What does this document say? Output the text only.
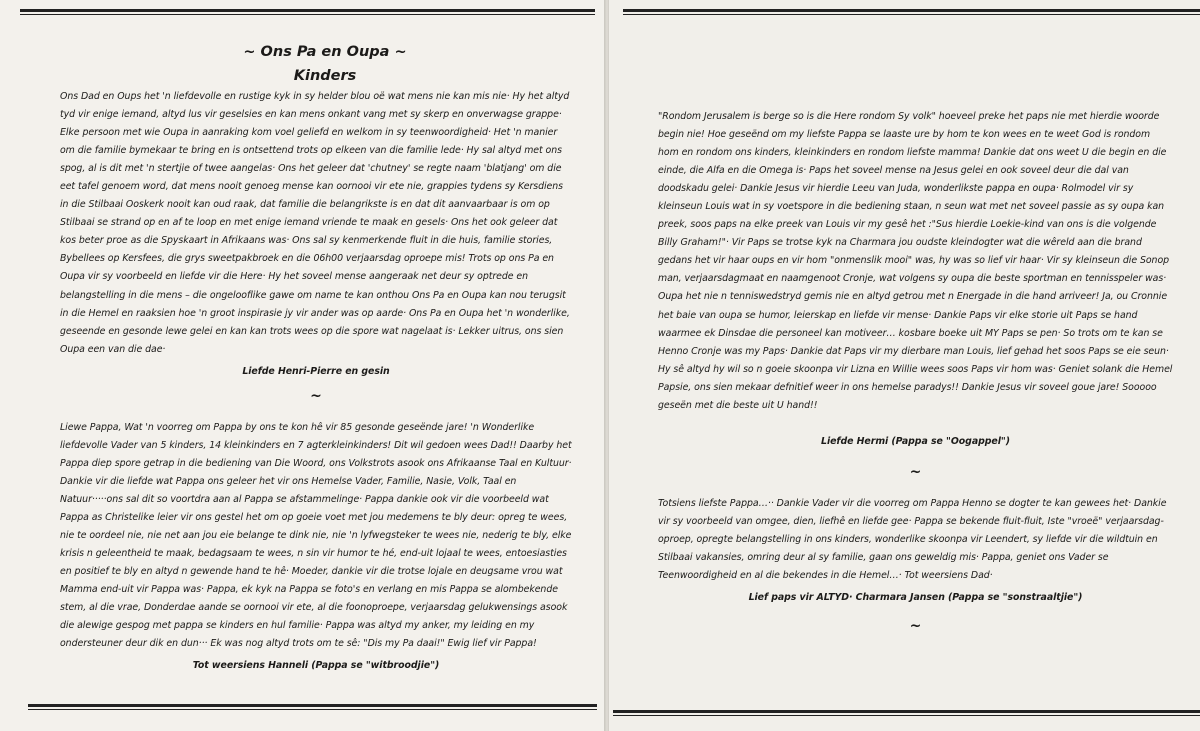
~ Ons Pa en Oupa ~
Kinders

Ons Dad en Oups het 'n liefdevolle en rustige kyk in sy helder blou oë wat mens nie kan mis nie· Hy het altyd tyd vir enige iemand, altyd lus vir geselsies en kan mens onkant vang met sy skerp en onverwagse grappe· Elke persoon met wie Oupa in aanraking kom voel geliefd en welkom in sy teenwoordigheid· Het 'n manier om die familie bymekaar te bring en is ontsettend trots op elkeen van die familie lede· Hy sal altyd met ons spog, al is dit met 'n stertjie of twee aangelas· Ons het geleer dat 'chutney' se regte naam 'blatjang' om die eet tafel genoem word, dat mens nooit genoeg mense kan oornooi vir ete nie, grappies tydens sy Kersdiens in die Stilbaai Ooskerk nooit kan oud raak, dat familie die belangrikste is en dat dit aanvaarbaar is om op Stilbaai se strand op en af te loop en met enige iemand vriende te maak en gesels· Ons het ook geleer dat kos beter proe as die Spyskaart in Afrikaans was· Ons sal sy kenmerkende fluit in die huis, familie stories, Bybellees op Kersfees, die grys sweetpakbroek en die 06h00 verjaarsdag oproepe mis! Trots op ons Pa en Oupa vir sy voorbeeld en liefde vir die Here· Hy het soveel mense aangeraak net deur sy optrede en belangstelling in die mens – die ongelooflike gawe om name te kan onthou Ons Pa en Oupa kan nou terugsit in die Hemel en raaksien hoe 'n groot inspirasie jy vir ander was op aarde· Ons Pa en Oupa het 'n wonderlike, geseende en gesonde lewe gelei en kan kan trots wees op die spore wat nagelaat is· Lekker uitrus, ons sien Oupa een van die dae·

Liefde Henri-Pierre en gesin

~

Liewe Pappa, Wat 'n voorreg om Pappa by ons te kon hê vir 85 gesonde geseënde jare! 'n Wonderlike liefdevolle Vader van 5 kinders, 14 kleinkinders en 7 agterkleinkinders! Dit wil gedoen wees Dad!! Daarby het Pappa diep spore getrap in die bediening van Die Woord, ons Volkstrots asook ons Afrikaanse Taal en Kultuur· Dankie vir die liefde wat Pappa ons geleer het vir ons Hemelse Vader, Familie, Nasie, Volk, Taal en Natuur·····ons sal dit so voortdra aan al Pappa se afstammelinge· Pappa dankie ook vir die voorbeeld wat Pappa as Christelike leier vir ons gestel het om op goeie voet met jou medemens te bly deur: opreg te wees, nie te oordeel nie, nie net aan jou eie belange te dink nie, nie 'n lyfwegsteker te wees nie, nederig te bly, elke krisis n geleentheid te maak, bedagsaam te wees, n sin vir humor te hé, end-uit lojaal te wees, entoesiasties en positief te bly en altyd n gewende hand te hê· Moeder, dankie vir die trotse lojale en deugsame vrou wat Mamma end-uit vir Pappa was· Pappa, ek kyk na Pappa se foto's en verlang en mis Pappa se alombekende stem, al die vrae, Donderdae aande se oornooi vir ete, al die foonoproepe, verjaarsdag gelukwensings asook die alewige gespog met pappa se kinders en hul familie· Pappa was altyd my anker, my leiding en my ondersteuner deur dik en dun··· Ek was nog altyd trots om te sê: "Dis my Pa daai!" Ewig lief vir Pappa!

Tot weersiens Hanneli (Pappa se "witbroodjie")

"Rondom Jerusalem is berge so is die Here rondom Sy volk" hoeveel preke het paps nie met hierdie woorde begin nie! Hoe geseënd om my liefste Pappa se laaste ure by hom te kon wees en te weet God is rondom hom en rondom ons kinders, kleinkinders en rondom liefste mamma! Dankie dat ons weet U die begin en die einde, die Alfa en die Omega is· Paps het soveel mense na Jesus gelei en ook soveel deur die dal van doodskadu gelei· Dankie Jesus vir hierdie Leeu van Juda, wonderlikste pappa en oupa· Rolmodel vir sy kleinseun Louis wat in sy voetspore in die bediening staan, n seun wat met net soveel passie as sy oupa kan preek, soos paps na elke preek van Louis vir my gesê het :"Sus hierdie Loekie-kind van ons is die volgende Billy Graham!"· Vir Paps se trotse kyk na Charmara jou oudste kleindogter wat die wêreld aan die brand gedans het vir haar oups en vir hom "onmenslik mooi" was, hy was so lief vir haar· Vir sy kleinseun die Sonop man, verjaarsdagmaat en naamgenoot Cronje, wat volgens sy oupa die beste sportman en tennisspeler was· Oupa het nie n tenniswedstryd gemis nie en altyd getrou met n Energade in die hand arriveer! Ja, ou Cronnie het baie van oupa se humor, leierskap en liefde vir mense· Dankie Paps vir elke storie uit Paps se hand waarmee ek Dinsdae die personeel kan motiveer… kosbare boeke uit MY Paps se pen· So trots om te kan se Henno Cronje was my Paps· Dankie dat Paps vir my dierbare man Louis, lief gehad het soos Paps se eie seun· Hy sê altyd hy wil so n goeie skoonpa vir Lizna en Willie wees soos Paps vir hom was· Geniet solank die Hemel Papsie, ons sien mekaar defnitief weer in ons hemelse paradys!! Dankie Jesus vir soveel goue jare! Sooooo geseën met die beste uit U hand!!

Liefde Hermi (Pappa se "Oogappel")

~

Totsiens liefste Pappa…·· Dankie Vader vir die voorreg om Pappa Henno se dogter te kan gewees het· Dankie vir sy voorbeeld van omgee, dien, liefhê en liefde gee· Pappa se bekende fluit-fluit, Iste "vroeë" verjaarsdag-oproep, opregte belangstelling in ons kinders, wonderlike skoonpa vir Leendert, sy liefde vir die wildtuin en Stilbaai vakansies, omring deur al sy familie, gaan ons geweldig mis· Pappa, geniet ons Vader se Teenwoordigheid en al die bekendes in die Hemel…· Tot weersiens Dad·

Lief paps vir ALTYD· Charmara Jansen (Pappa se "sonstraaltjie")

~
